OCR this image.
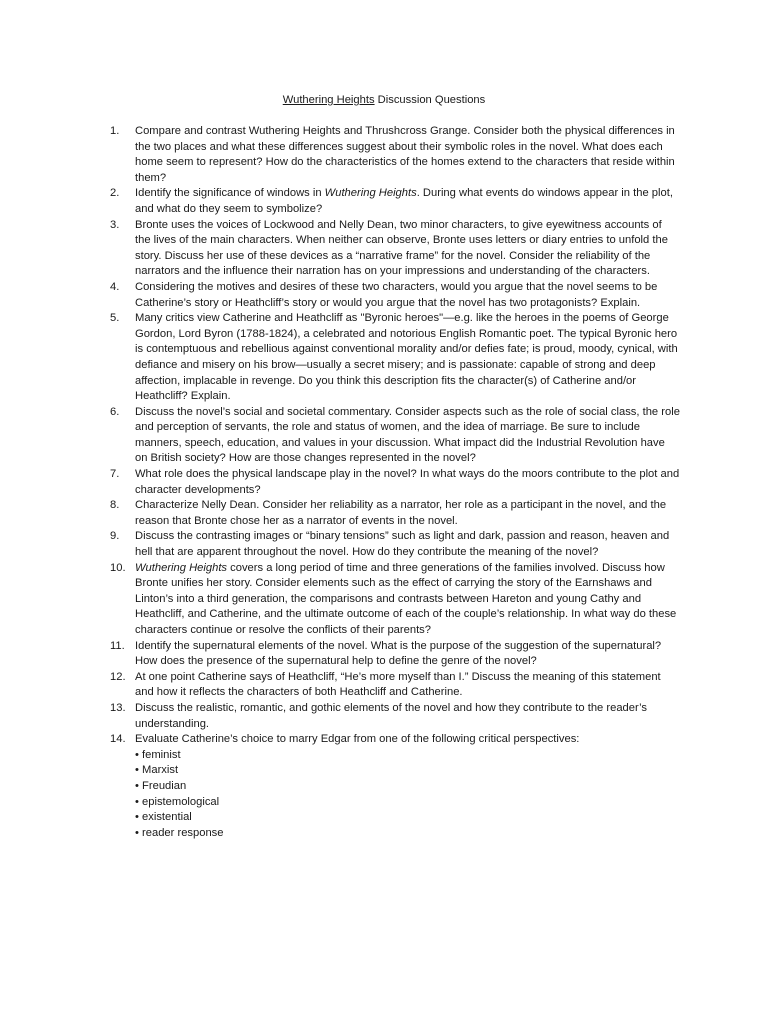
Wuthering Heights Discussion Questions
1.	Compare and contrast Wuthering Heights and Thrushcross Grange. Consider both the physical differences in the two places and what these differences suggest about their symbolic roles in the novel. What does each home seem to represent? How do the characteristics of the homes extend to the characters that reside within them?
2.	Identify the significance of windows in Wuthering Heights. During what events do windows appear in the plot, and what do they seem to symbolize?
3.	Bronte uses the voices of Lockwood and Nelly Dean, two minor characters, to give eyewitness accounts of the lives of the main characters. When neither can observe, Bronte uses letters or diary entries to unfold the story. Discuss her use of these devices as a “narrative frame” for the novel. Consider the reliability of the narrators and the influence their narration has on your impressions and understanding of the characters.
4.	Considering the motives and desires of these two characters, would you argue that the novel seems to be Catherine’s story or Heathcliff’s story or would you argue that the novel has two protagonists? Explain.
5.	Many critics view Catherine and Heathcliff as "Byronic heroes"—e.g. like the heroes in the poems of George Gordon, Lord Byron (1788-1824), a celebrated and notorious English Romantic poet. The typical Byronic hero is contemptuous and rebellious against conventional morality and/or defies fate; is proud, moody, cynical, with defiance and misery on his brow—usually a secret misery; and is passionate: capable of strong and deep affection, implacable in revenge. Do you think this description fits the character(s) of Catherine and/or Heathcliff? Explain.
6.	Discuss the novel’s social and societal commentary. Consider aspects such as the role of social class, the role and perception of servants, the role and status of women, and the idea of marriage. Be sure to include manners, speech, education, and values in your discussion. What impact did the Industrial Revolution have on British society? How are those changes represented in the novel?
7.	What role does the physical landscape play in the novel? In what ways do the moors contribute to the plot and character developments?
8.	Characterize Nelly Dean. Consider her reliability as a narrator, her role as a participant in the novel, and the reason that Bronte chose her as a narrator of events in the novel.
9.	Discuss the contrasting images or “binary tensions” such as light and dark, passion and reason, heaven and hell that are apparent throughout the novel. How do they contribute the meaning of the novel?
10. Wuthering Heights covers a long period of time and three generations of the families involved. Discuss how Bronte unifies her story. Consider elements such as the effect of carrying the story of the Earnshaws and Linton’s into a third generation, the comparisons and contrasts between Hareton and young Cathy and Heathcliff, and Catherine, and the ultimate outcome of each of the couple’s relationship. In what way do these characters continue or resolve the conflicts of their parents?
11. Identify the supernatural elements of the novel. What is the purpose of the suggestion of the supernatural? How does the presence of the supernatural help to define the genre of the novel?
12. At one point Catherine says of Heathcliff, “He’s more myself than I.” Discuss the meaning of this statement and how it reflects the characters of both Heathcliff and Catherine.
13. Discuss the realistic, romantic, and gothic elements of the novel and how they contribute to the reader’s understanding.
14. Evaluate Catherine’s choice to marry Edgar from one of the following critical perspectives:
• feminist
• Marxist
• Freudian
• epistemological
• existential
• reader response
